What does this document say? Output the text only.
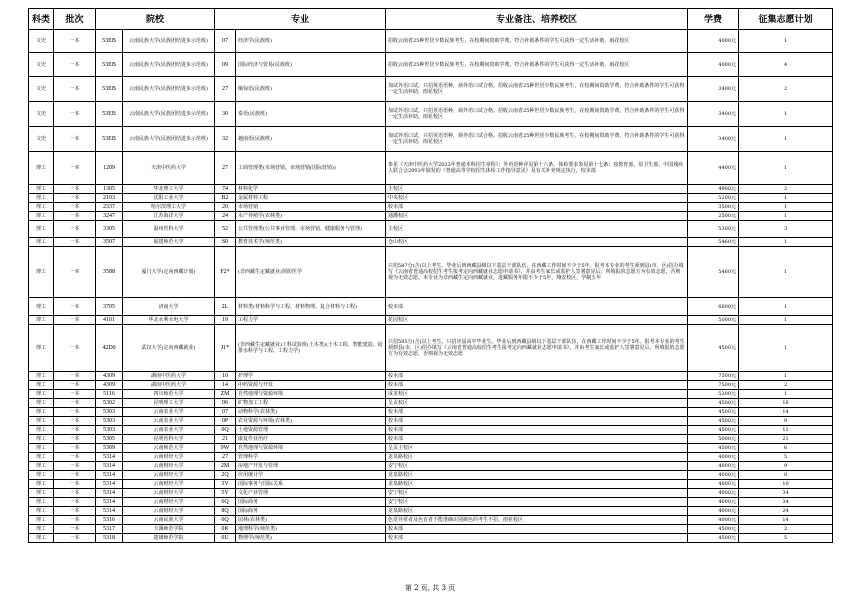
科类	批次	院校		专业		专业备注、培养校区	学费	征集志愿计划
文史	一本	53EB	云南民族大学(民族团结进步示范班)	07	经济学(民族班)	招收云南省25种世居少数民族考生，在校期间资助学费，符合补助条件的学生可获得一定生活补助，雨花校区	4000元	1
文史	一本	53EB	云南民族大学(民族团结进步示范班)	09	国际经济与贸易(民族班)	招收云南省25种世居少数民族考生，在校期间资助学费，符合补助条件的学生可获得一定生活补助，雨花校区	4000元	4
文史	一本	53EB	云南民族大学(民族团结进步示范班)	27	缅甸语(民族班)	加试外语口试，只招英语语种，须外语口试合格。招收云南省25种世居少数民族考生，在校期间资助学费，符合补助条件的学生可获得一定生活补助，雨花校区	3400元	2
文史	一本	53EB	云南民族大学(民族团结进步示范班)	30	泰语(民族班)	加试外语口试，只招英语语种，须外语口试合格。招收云南省25种世居少数民族考生，在校期间资助学费，符合补助条件的学生可获得一定生活补助，雨花校区	3400元	1
文史	一本	53EB	云南民族大学(民族团结进步示范班)	32	越南语(民族班)	加试外语口试，只招英语语种，须外语口试合格。招收云南省25种世居少数民族考生，在校期间资助学费，符合补助条件的学生可获得一定生活补助，雨花校区	3400元	1
理工	一本	1209	天津中医药大学	27	工商管理类(市场营销、市场营销(国际营销))	参见《天津中医药大学2023年普通本科招生章程》；外语语种详见第十六条。体检要求参见第十七条；按教育部、原卫生部、中国残疾人联合会2003年颁发的《普通高等学校招生体检工作指导意见》及有关补充规定执行，校本部	4400元	1
理工	一本	1305	华北理工大学	74	材料化学	主校区	4900元	2
理工	一本	2103	沈阳工业大学	B2	金属材料工程	中央校区	5200元	1
理工	一本	2337	哈尔滨理工大学	20	市场营销	校本部	3500元	1
理工	一本	3247	江苏海洋大学	24	水产养殖学(农林类)	通灌校区	2500元	1
理工	一本	3305	温州医科大学	52	公共管理类(公共事业管理、市场营销、健康服务与管理)	主校区	5300元	3
理工	一本	3507	福建师范大学	S0	教育技术学(师范类)	仓山校区	5460元	1
理工	一本	3588	厦门大学(定向西藏计划)	F2*	(非西藏生定藏就业)预防医学	只招587分(含)以上考生。毕业后到西藏县级以下基层干部队伍，在西藏工作时间不少于5年。报考本专业的考生须到县(市、区)招办填写《云南省普通高校招生考生报考定向西藏就业志愿申请书》，并由考生家长或监护人签署意见后，所填报的志愿方为有效志愿，否则视为无效志愿。本专业为非西藏生定向西藏就业，进藏服务年限不少于5年，翔安校区，学制五年	5460元	1
理工	一本	3705	济南大学	2L	材料类(材料科学与工程、材料物理、复合材料与工程)	校本部	6600元	1
理工	一本	4101	华北水利水电大学	19	工程力学	花园校区	5000元	1
理工	一本	42D0	武汉大学(定向西藏就业)	J1*	(非西藏生定藏就业)工科试验班(土木类)(土木工程、智能建造、给排水科学与工程、工程力学)	只招595分(含)以上考生。只招应届高中毕业生。毕业后到西藏县级以下基层干部队伍，在西藏工作时间不少于5年。报考本专业的考生须到县(市、区)招办填写《云南省普通高校招生考生报考定向西藏就业志愿申请书》，并由考生家长或监护人签署意见后，所填报的志愿方为有效志愿，否则视为无效志愿	4500元	1
理工	一本	4309	湖南中医药大学	10	护理学	校本部	7500元	1
理工	一本	4309	湖南中医药大学	14	中药资源与开发	校本部	7500元	2
理工	一本	5116	四川师范大学	ZM	自然地理与资源环境	成龙校区	5200元	1
理工	一本	5302	昆明理工大学	06	矿物加工工程	呈贡校区	4500元	18
理工	一本	5303	云南农业大学	07	动物科学(农林类)	校本部	4500元	14
理工	一本	5303	云南农业大学	0P	农业资源与环境(农林类)	校本部	4500元	8
理工	一本	5303	云南农业大学	0Q	土地资源管理	校本部	4500元	11
理工	一本	5305	昆明医科大学	21	康复作业治疗	校本部	5000元	21
理工	一本	5309	云南师范大学	9W	自然地理与资源环境	呈贡主校区	4500元	6
理工	一本	5314	云南财经大学	27	管理科学	龙泉路校区	4000元	5
理工	一本	5314	云南财经大学	2M	房地产开发与管理	安宁校区	4000元	9
理工	一本	5314	云南财经大学	2Q	应用统计学	龙泉路校区	4000元	8
理工	一本	5314	云南财经大学	3V	国际事务与国际关系	龙泉路校区	4000元	10
理工	一本	5314	云南财经大学	5V	文化产业管理	安宁校区	4000元	34
理工	一本	5314	云南财经大学	6Q	国际商务	安宁校区	4000元	34
理工	一本	5314	云南财经大学	8Q	国际商务	龙泉路校区	4000元	24
理工	一本	5316	云南民族大学	0Q	园林(农林类)	色觉异常者及色盲者不能准确识别颜色的考生不招，雨花校区	4000元	14
理工	一本	5317	玉溪师范学院	0K	地理科学(师范类)	校本部	4500元	2
理工	一本	5318	楚雄师范学院	0U	物理学(师范类)	校本部	4500元	5
第 2 页, 共 3 页
